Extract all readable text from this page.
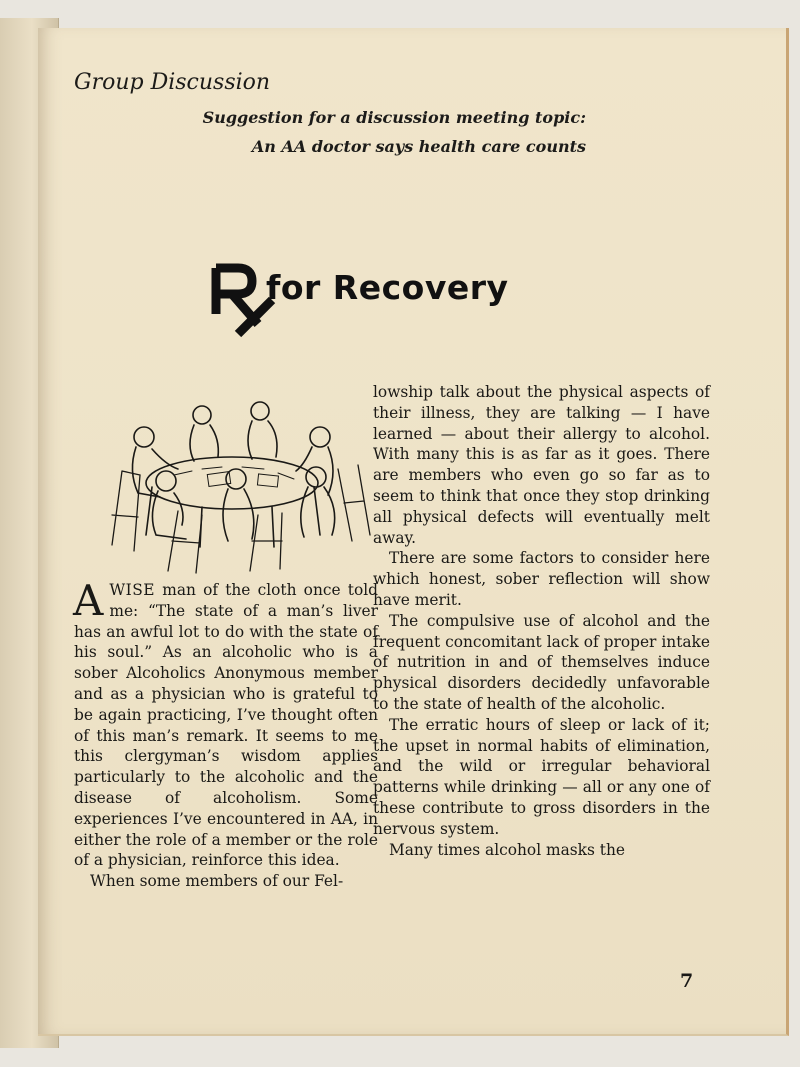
Group Discussion

Suggestion for a discussion meeting topic:

An AA doctor says health care counts

for Recovery

AWISE man of the cloth once told me: “The state of a man’s liver has an awful lot to do with the state of his soul.” As an alcoholic who is a sober Alcoholics Anonymous member and as a physician who is grateful to be again practicing, I’ve thought often of this man’s remark. It seems to me this clergyman’s wisdom applies particularly to the alcoholic and the disease of alcoholism. Some experiences I’ve encountered in AA, in either the role of a member or the role of a physician, reinforce this idea.

When some members of our Fel-

lowship talk about the physical aspects of their illness, they are talking — I have learned — about their allergy to alcohol. With many this is as far as it goes. There are members who even go so far as to seem to think that once they stop drinking all physical defects will eventually melt away.

There are some factors to consider here which honest, sober reflection will show have merit.

The compulsive use of alcohol and the frequent concomitant lack of proper intake of nutrition in and of themselves induce physical disorders decidedly unfavorable to the state of health of the alcoholic.

The erratic hours of sleep or lack of it; the upset in normal habits of elimination, and the wild or irregular behavioral patterns while drinking — all or any one of these contribute to gross disorders in the nervous system.

Many times alcohol masks the

7
